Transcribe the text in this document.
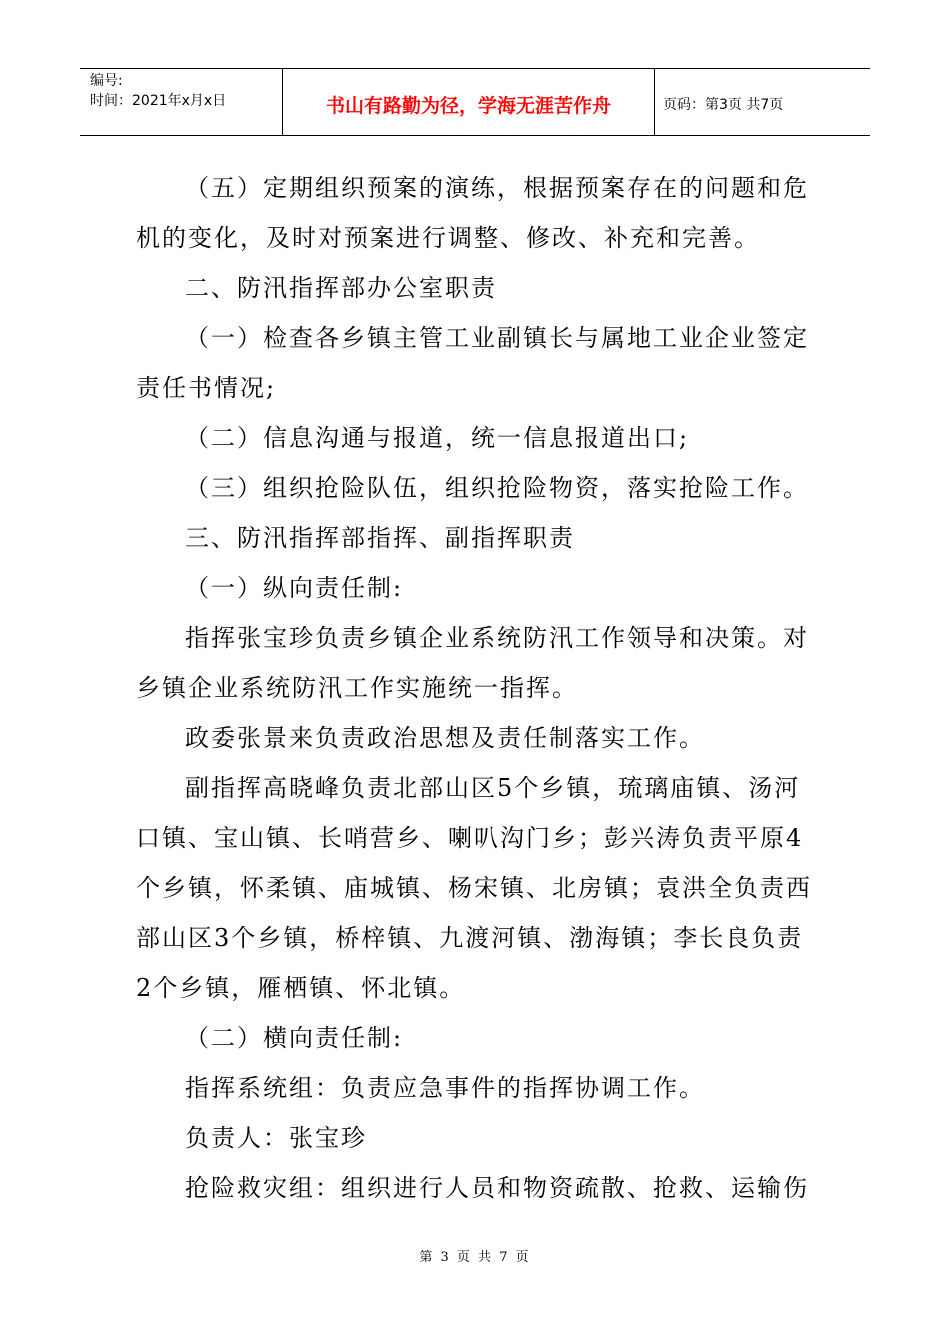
编号:
时间：2021年x月x日	书山有路勤为径，学海无涯苦作舟	页码：第3页 共7页

（五）定期组织预案的演练，根据预案存在的问题和危机的变化，及时对预案进行调整、修改、补充和完善。

二、防汛指挥部办公室职责

（一）检查各乡镇主管工业副镇长与属地工业企业签定责任书情况;

（二）信息沟通与报道，统一信息报道出口;

（三）组织抢险队伍，组织抢险物资，落实抢险工作。

三、防汛指挥部指挥、副指挥职责

（一）纵向责任制:

指挥张宝珍负责乡镇企业系统防汛工作领导和决策。对乡镇企业系统防汛工作实施统一指挥。

政委张景来负责政治思想及责任制落实工作。

副指挥高晓峰负责北部山区5个乡镇，琉璃庙镇、汤河口镇、宝山镇、长哨营乡、喇叭沟门乡；彭兴涛负责平原4个乡镇，怀柔镇、庙城镇、杨宋镇、北房镇；袁洪全负责西部山区3个乡镇，桥梓镇、九渡河镇、渤海镇；李长良负责2个乡镇，雁栖镇、怀北镇。

（二）横向责任制:

指挥系统组：负责应急事件的指挥协调工作。

负责人：张宝珍

抢险救灾组：组织进行人员和物资疏散、抢救、运输伤

第 3 页 共 7 页
